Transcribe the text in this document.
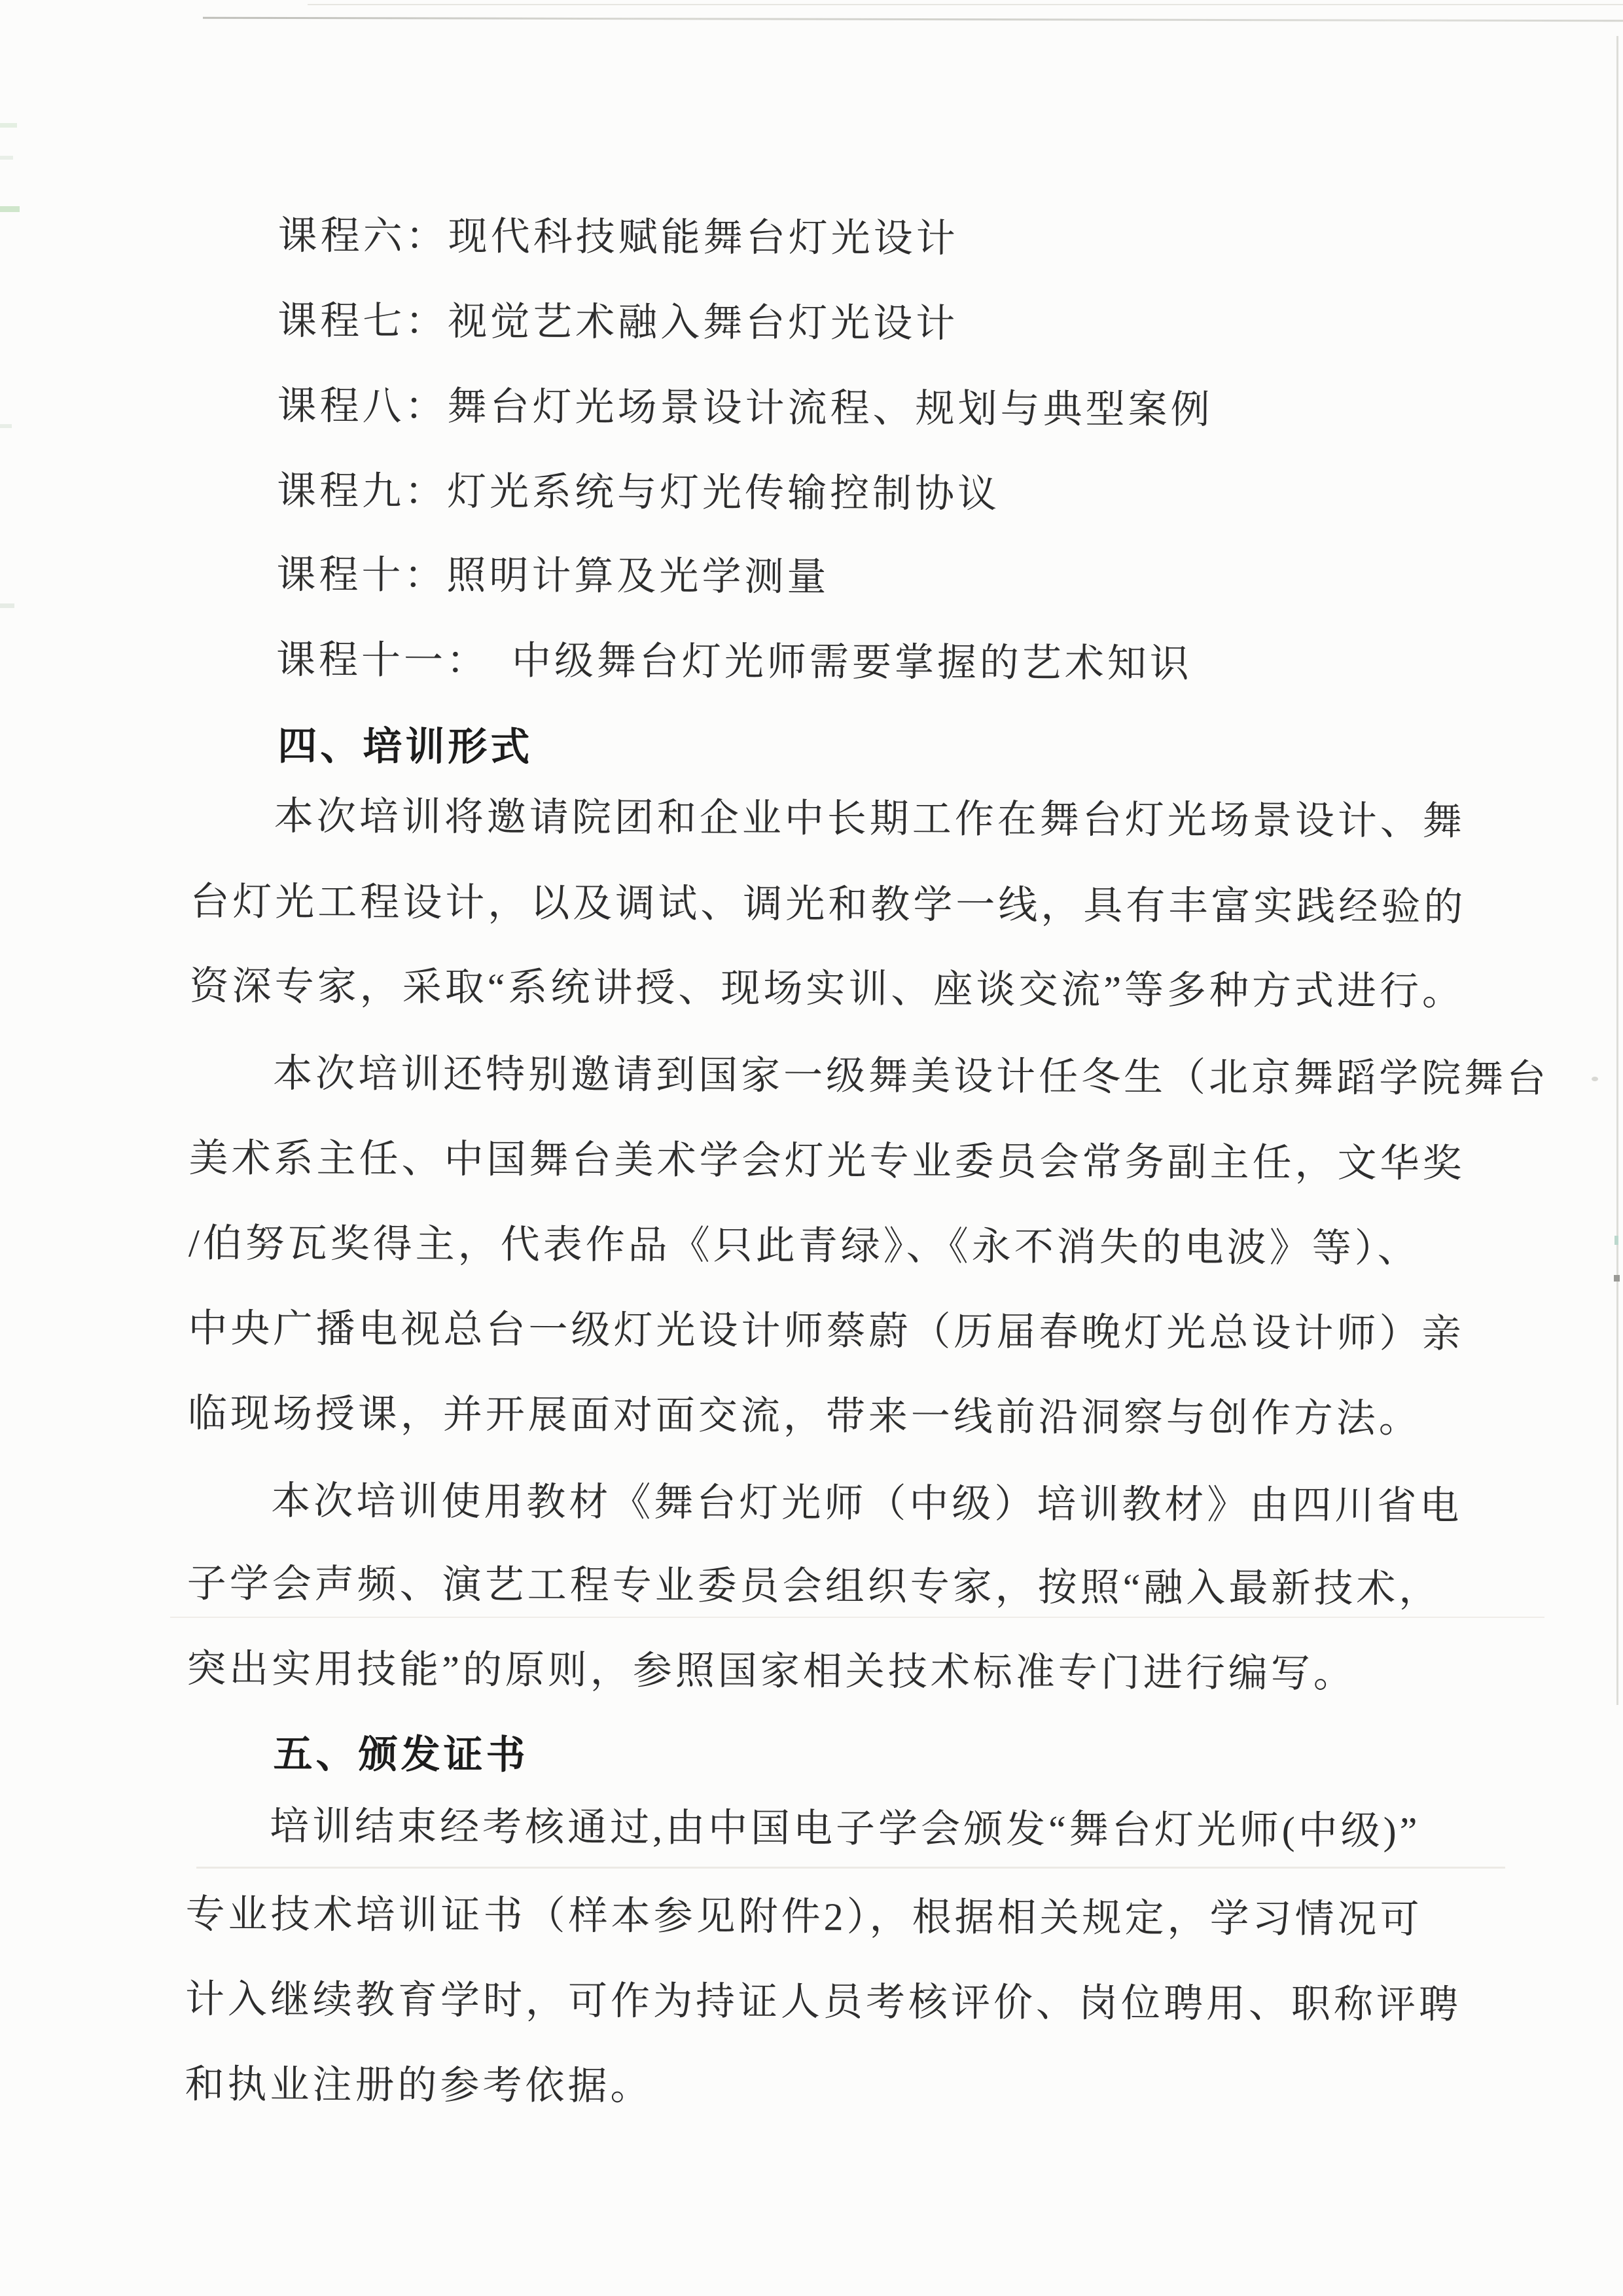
课程六：现代科技赋能舞台灯光设计
课程七：视觉艺术融入舞台灯光设计
课程八：舞台灯光场景设计流程、规划与典型案例
课程九：灯光系统与灯光传输控制协议
课程十：照明计算及光学测量
课程十一：　中级舞台灯光师需要掌握的艺术知识
四、培训形式
本次培训将邀请院团和企业中长期工作在舞台灯光场景设计、舞
台灯光工程设计，以及调试、调光和教学一线，具有丰富实践经验的
资深专家，采取“系统讲授、现场实训、座谈交流”等多种方式进行。
本次培训还特别邀请到国家一级舞美设计任冬生（北京舞蹈学院舞台
美术系主任、中国舞台美术学会灯光专业委员会常务副主任，文华奖
/伯努瓦奖得主，代表作品《只此青绿》、《永不消失的电波》等）、
中央广播电视总台一级灯光设计师蔡蔚（历届春晚灯光总设计师）亲
临现场授课，并开展面对面交流，带来一线前沿洞察与创作方法。
本次培训使用教材《舞台灯光师（中级）培训教材》由四川省电
子学会声频、演艺工程专业委员会组织专家，按照“融入最新技术，
突出实用技能”的原则，参照国家相关技术标准专门进行编写。
五、颁发证书
培训结束经考核通过,由中国电子学会颁发“舞台灯光师(中级)”
专业技术培训证书（样本参见附件2），根据相关规定，学习情况可
计入继续教育学时，可作为持证人员考核评价、岗位聘用、职称评聘
和执业注册的参考依据。
